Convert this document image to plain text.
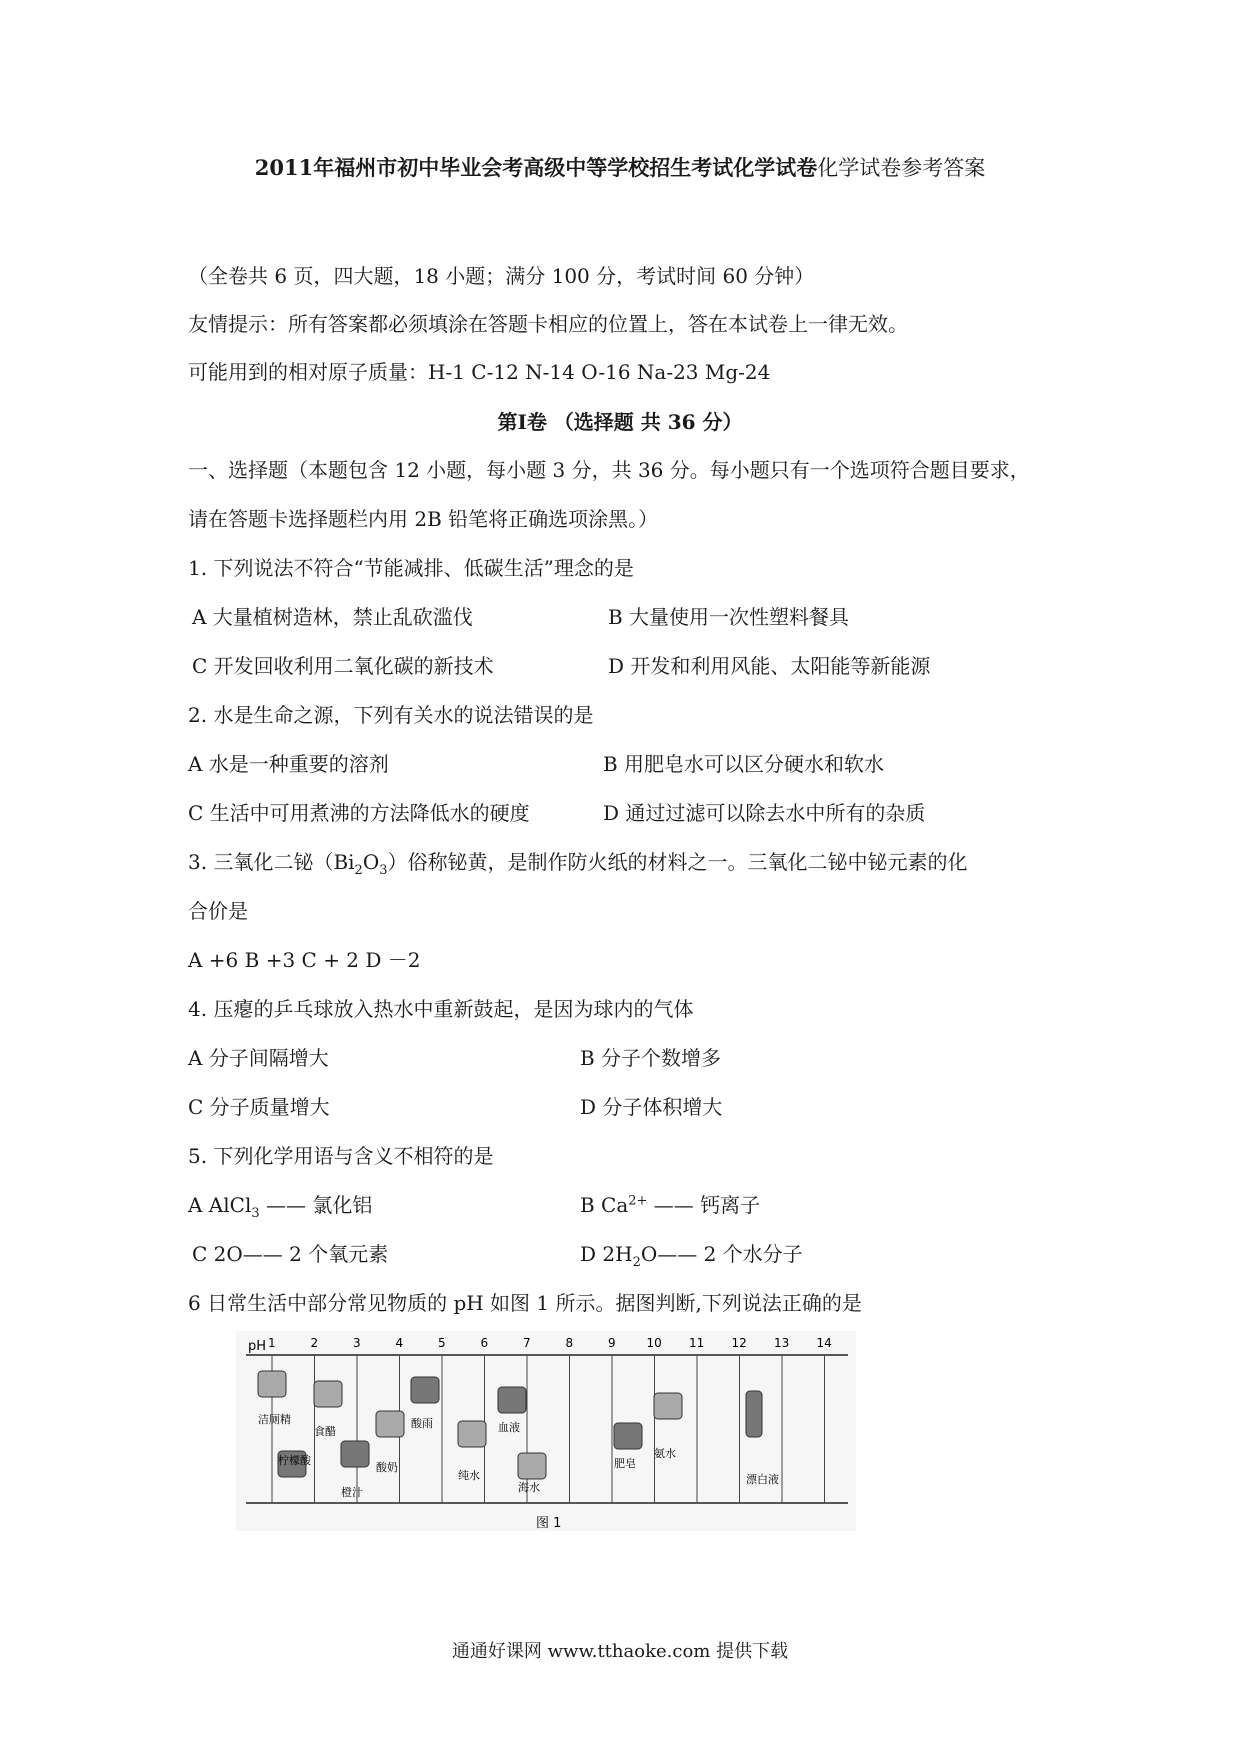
2011年福州市初中毕业会考高级中等学校招生考试化学试卷化学试卷参考答案
（全卷共 6 页，四大题，18 小题；满分 100 分，考试时间 60 分钟）
友情提示：所有答案都必须填涂在答题卡相应的位置上，答在本试卷上一律无效。
可能用到的相对原子质量：H-1 C-12 N-14 O-16 Na-23 Mg-24
第Ⅰ卷 （选择题 共 36 分）
一、选择题（本题包含 12 小题，每小题 3 分，共 36 分。每小题只有一个选项符合题目要求，
请在答题卡选择题栏内用 2B 铅笔将正确选项涂黑。）
1. 下列说法不符合“节能减排、低碳生活”理念的是
A 大量植树造林，禁止乱砍滥伐	B 大量使用一次性塑料餐具
C 开发回收利用二氧化碳的新技术	D 开发和利用风能、太阳能等新能源
2. 水是生命之源，下列有关水的说法错误的是
A 水是一种重要的溶剂	B 用肥皂水可以区分硬水和软水
C 生活中可用煮沸的方法降低水的硬度	D 通过过滤可以除去水中所有的杂质
3. 三氧化二铋$(Bi_2O_3)$俗称铋黄，是制作防火纸的材料之一。三氧化二铋中铋元素的化
合价是
A +6 B +3 C + 2 D －2
4. 压瘪的乒乓球放入热水中重新鼓起，是因为球内的气体
A 分子间隔增大	B 分子个数增多
C 分子质量增大	D 分子体积增大
5. 下列化学用语与含义不相符的是
A AlCl$_3$ —— 氯化铝	B $Ca^{2+}$ —— 钙离子
C 2O—— 2 个氧元素	D $2H_2O——$ 2 个水分子
6 日常生活中部分常见物质的 pH 如图 1 所示。据图判断,下列说法正确的是
pH 1	2	3	4	5	6	7	8	9	10 11 12 13 14
洁厕精
柠檬酸
食醋
橙汁
酸奶
酸雨
纯水
血液
海水
肥皂
氨水
漂白液
图 1
通通好课网 www.tthaoke.com 提供下载
